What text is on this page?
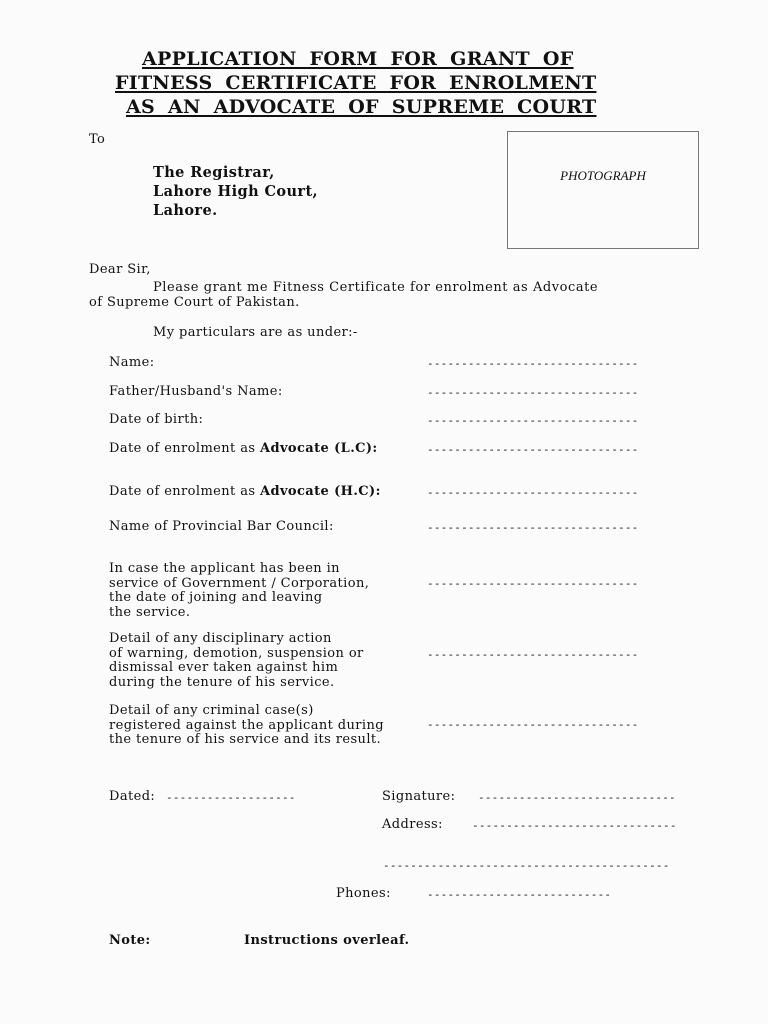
APPLICATION FORM FOR GRANT OF
FITNESS CERTIFICATE FOR ENROLMENT
AS AN ADVOCATE OF SUPREME COURT
To
The Registrar,
Lahore High Court,
Lahore.
PHOTOGRAPH
Dear Sir,
Please grant me Fitness Certificate for enrolment as Advocate
of Supreme Court of Pakistan.
My particulars are as under:-
Name:	-------------------------------
Father/Husband's Name:	-------------------------------
Date of birth:	-------------------------------
Date of enrolment as Advocate (L.C):	-------------------------------
Date of enrolment as Advocate (H.C):	-------------------------------
Name of Provincial Bar Council:	-------------------------------
In case the applicant has been in
service of Government / Corporation,
the date of joining and leaving
the service.
-------------------------------
Detail of any disciplinary action
of warning, demotion, suspension or
dismissal ever taken against him
during the tenure of his service.
-------------------------------
Detail of any criminal case(s)
registered against the applicant during
the tenure of his service and its result.
-------------------------------
Dated: -------------------	Signature: -----------------------------
Address:	------------------------------
------------------------------------------
Phones:	---------------------------
Note:	Instructions overleaf.
